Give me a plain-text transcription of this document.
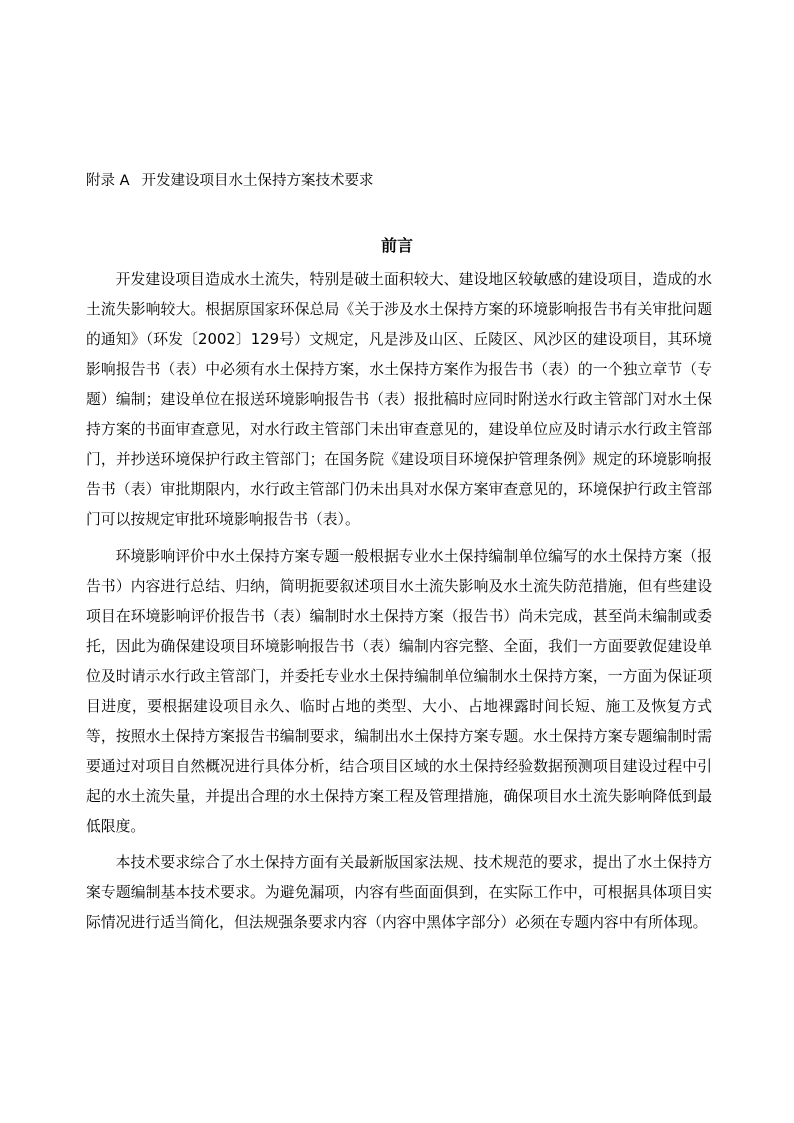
附录 A 开发建设项目水土保持方案技术要求
前言

开发建设项目造成水土流失，特别是破土面积较大、建设地区较敏感的建设项目，造成的水土流失影响较大。根据原国家环保总局《关于涉及水土保持方案的环境影响报告书有关审批问题的通知》（环发〔2002〕129号）文规定，凡是涉及山区、丘陵区、风沙区的建设项目，其环境影响报告书（表）中必须有水土保持方案，水土保持方案作为报告书（表）的一个独立章节（专题）编制；建设单位在报送环境影响报告书（表）报批稿时应同时附送水行政主管部门对水土保持方案的书面审查意见，对水行政主管部门未出审查意见的，建设单位应及时请示水行政主管部门，并抄送环境保护行政主管部门；在国务院《建设项目环境保护管理条例》规定的环境影响报告书（表）审批期限内，水行政主管部门仍未出具对水保方案审查意见的，环境保护行政主管部门可以按规定审批环境影响报告书（表）。

环境影响评价中水土保持方案专题一般根据专业水土保持编制单位编写的水土保持方案（报告书）内容进行总结、归纳，简明扼要叙述项目水土流失影响及水土流失防范措施，但有些建设项目在环境影响评价报告书（表）编制时水土保持方案（报告书）尚未完成，甚至尚未编制或委托，因此为确保建设项目环境影响报告书（表）编制内容完整、全面，我们一方面要敦促建设单位及时请示水行政主管部门，并委托专业水土保持编制单位编制水土保持方案，一方面为保证项目进度，要根据建设项目永久、临时占地的类型、大小、占地裸露时间长短、施工及恢复方式等，按照水土保持方案报告书编制要求，编制出水土保持方案专题。水土保持方案专题编制时需要通过对项目自然概况进行具体分析，结合项目区域的水土保持经验数据预测项目建设过程中引起的水土流失量，并提出合理的水土保持方案工程及管理措施，确保项目水土流失影响降低到最低限度。

本技术要求综合了水土保持方面有关最新版国家法规、技术规范的要求，提出了水土保持方案专题编制基本技术要求。为避免漏项，内容有些面面俱到，在实际工作中，可根据具体项目实际情况进行适当简化，但法规强条要求内容（内容中黑体字部分）必须在专题内容中有所体现。
